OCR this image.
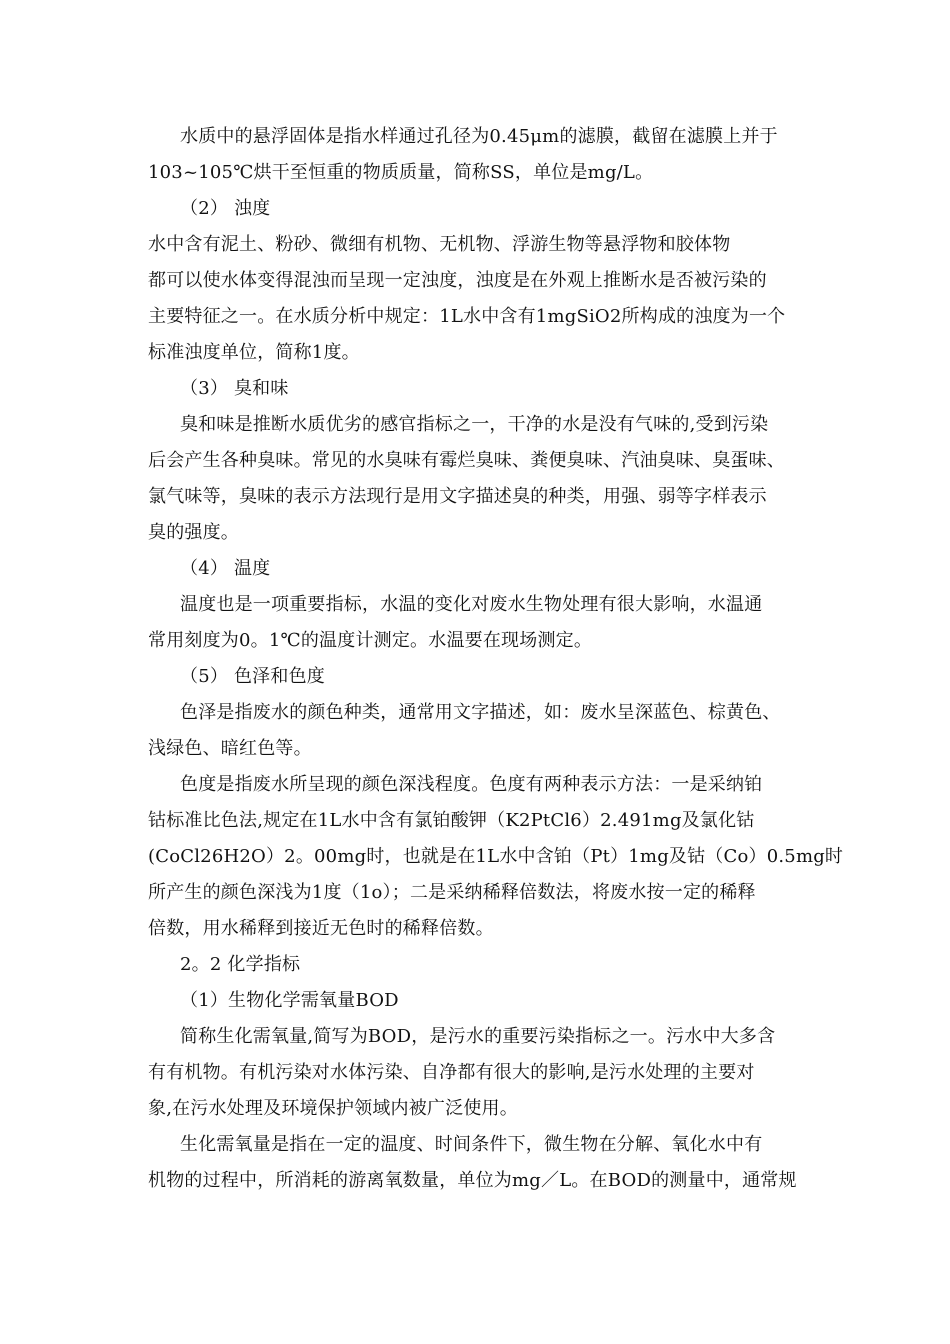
水质中的悬浮固体是指水样通过孔径为0.45μm的滤膜，截留在滤膜上并于
103~105℃烘干至恒重的物质质量，简称SS，单位是mg/L。
（2） 浊度
水中含有泥土、粉砂、微细有机物、无机物、浮游生物等悬浮物和胶体物
都可以使水体变得混浊而呈现一定浊度，浊度是在外观上推断水是否被污染的
主要特征之一。在水质分析中规定：1L水中含有1mgSiO2所构成的浊度为一个
标准浊度单位，简称1度。
（3） 臭和味
臭和味是推断水质优劣的感官指标之一，干净的水是没有气味的,受到污染
后会产生各种臭味。常见的水臭味有霉烂臭味、粪便臭味、汽油臭味、臭蛋味、
氯气味等，臭味的表示方法现行是用文字描述臭的种类，用强、弱等字样表示
臭的强度。
（4） 温度
温度也是一项重要指标，水温的变化对废水生物处理有很大影响，水温通
常用刻度为0。1℃的温度计测定。水温要在现场测定。
（5） 色泽和色度
色泽是指废水的颜色种类，通常用文字描述，如：废水呈深蓝色、棕黄色、
浅绿色、暗红色等。
色度是指废水所呈现的颜色深浅程度。色度有两种表示方法：一是采纳铂
钴标准比色法,规定在1L水中含有氯铂酸钾（K2PtCl6）2.491mg及氯化钴
(CoCl26H2O）2。00mg时，也就是在1L水中含铂（Pt）1mg及钴（Co）0.5mg时
所产生的颜色深浅为1度（1o）；二是采纳稀释倍数法，将废水按一定的稀释
倍数，用水稀释到接近无色时的稀释倍数。
2。2 化学指标
（1）生物化学需氧量BOD
简称生化需氧量,简写为BOD，是污水的重要污染指标之一。污水中大多含
有有机物。有机污染对水体污染、自净都有很大的影响,是污水处理的主要对
象,在污水处理及环境保护领域内被广泛使用。
生化需氧量是指在一定的温度、时间条件下，微生物在分解、氧化水中有
机物的过程中，所消耗的游离氧数量，单位为mg／L。在BOD的测量中，通常规
